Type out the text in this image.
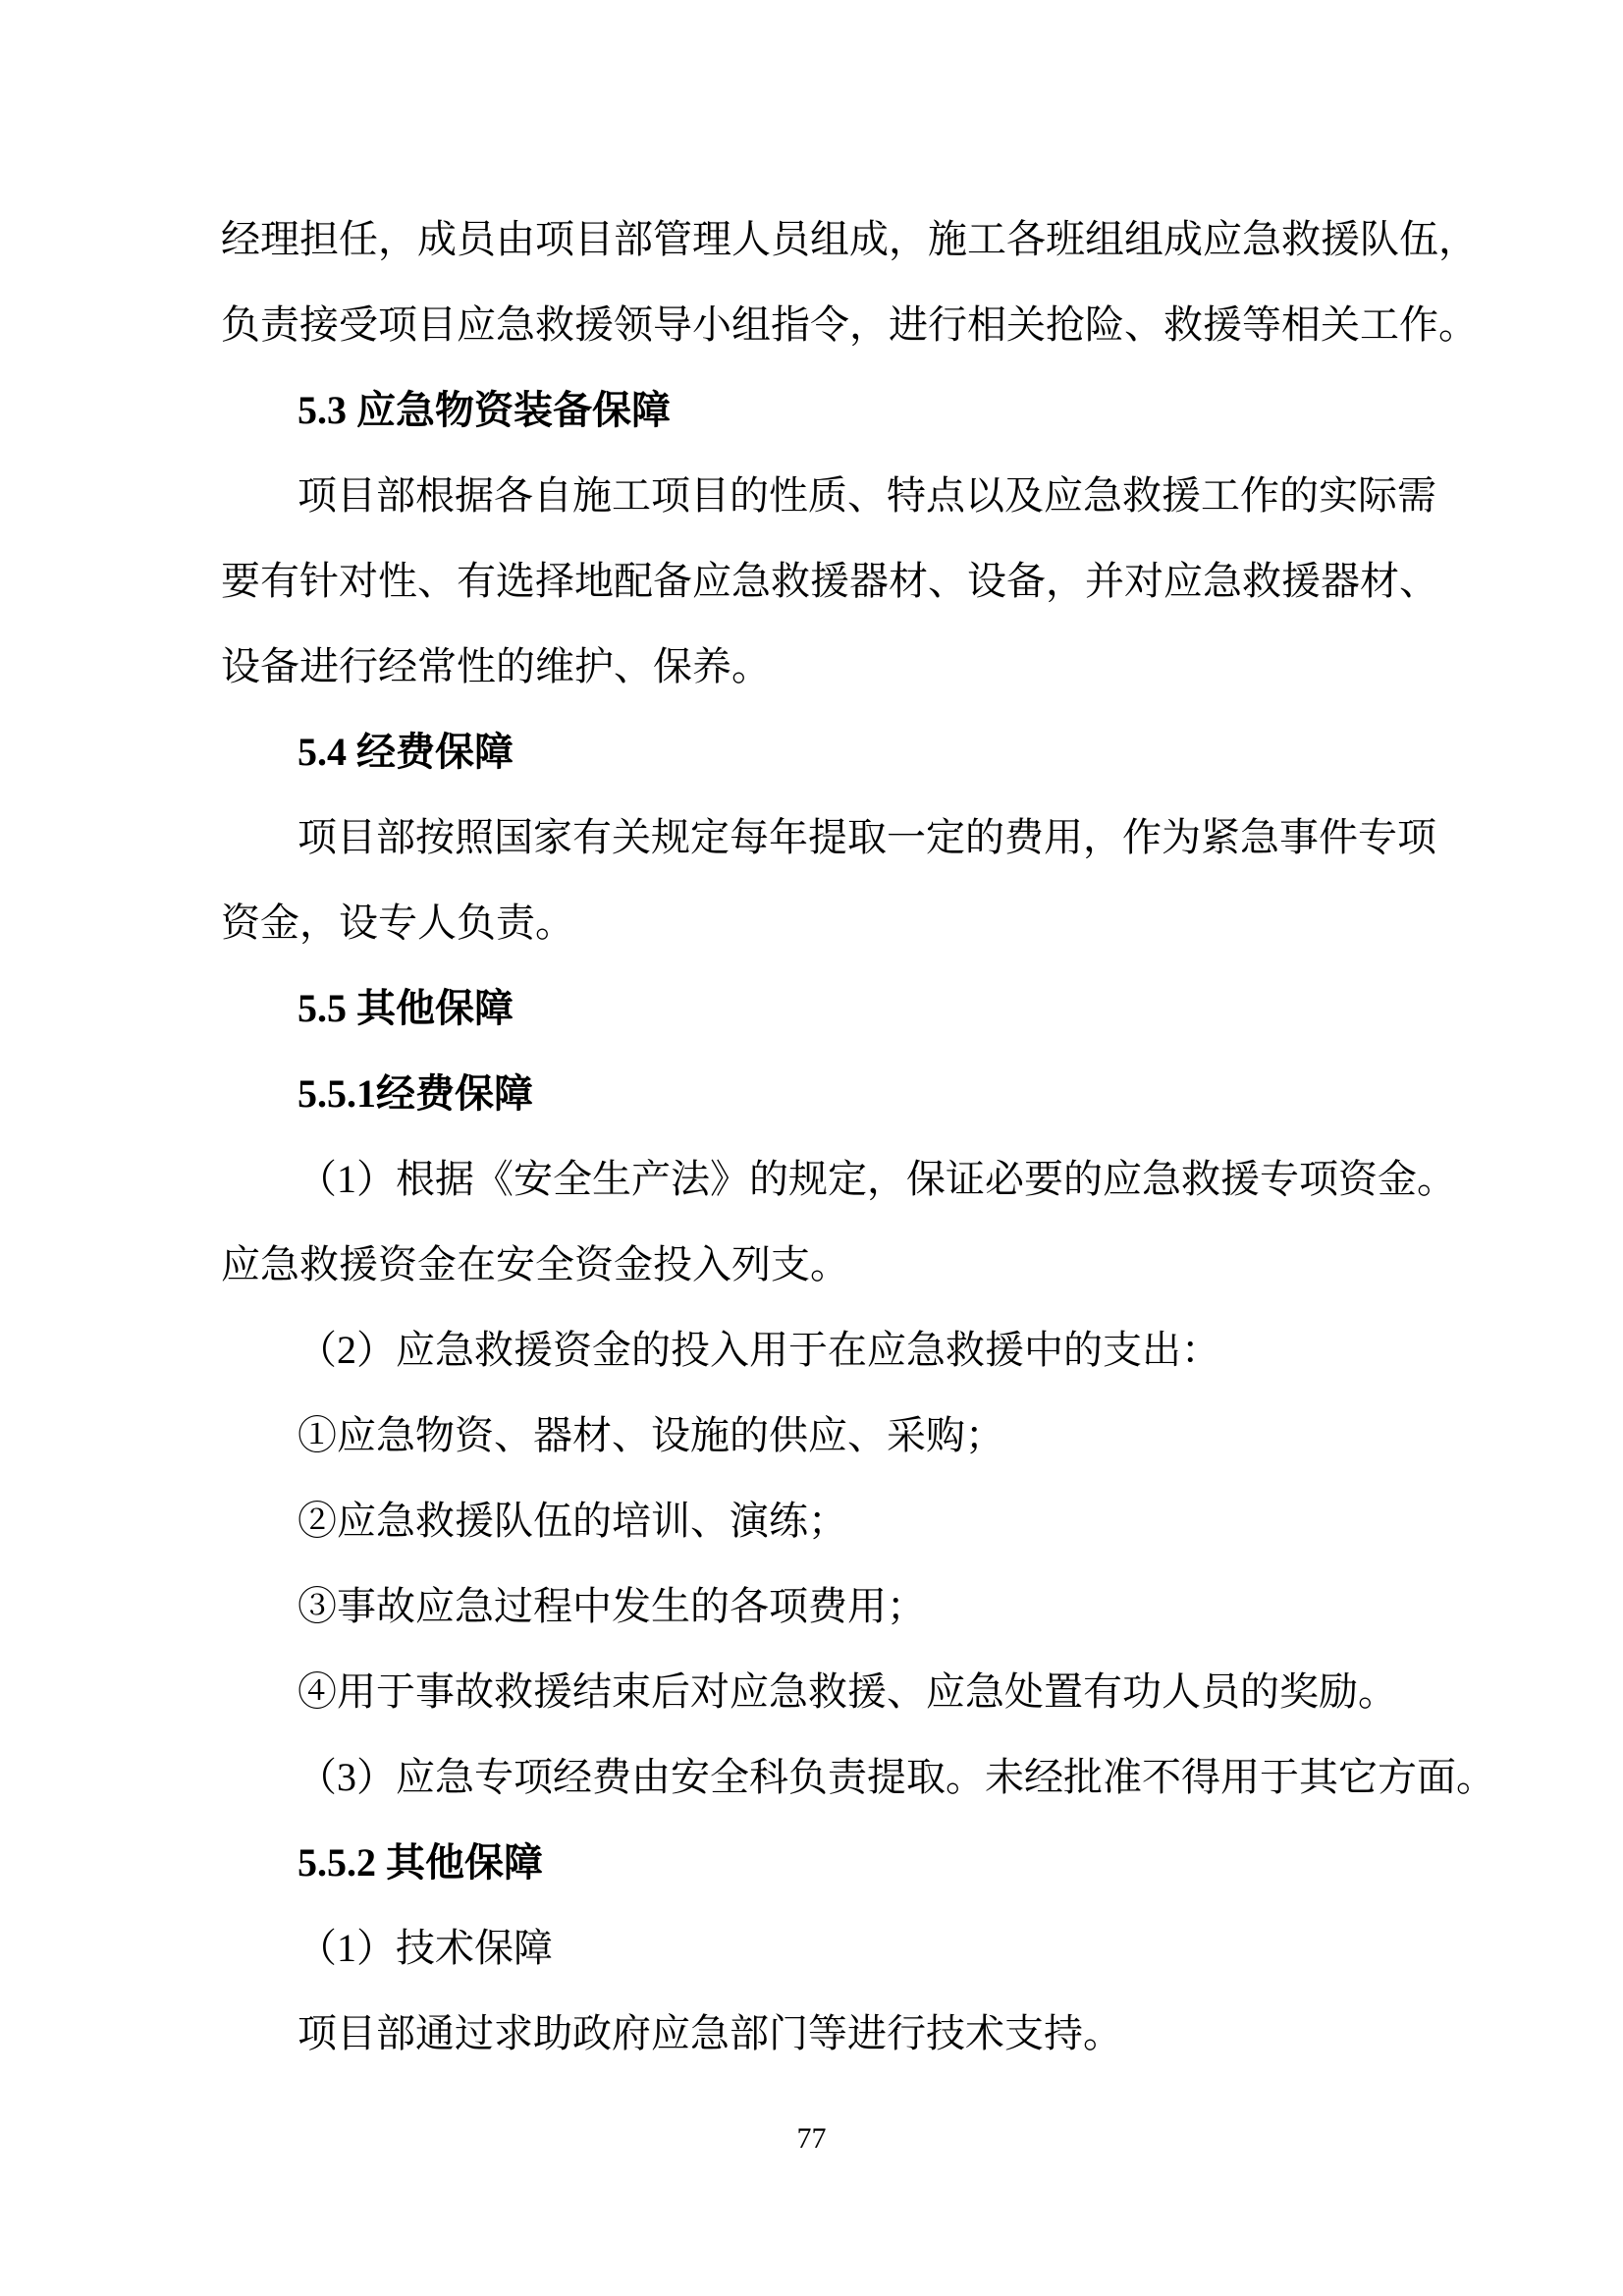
经理担任，成员由项目部管理人员组成，施工各班组组成应急救援队伍，
负责接受项目应急救援领导小组指令，进行相关抢险、救援等相关工作。
5.3 应急物资装备保障
项目部根据各自施工项目的性质、特点以及应急救援工作的实际需
要有针对性、有选择地配备应急救援器材、设备，并对应急救援器材、
设备进行经常性的维护、保养。
5.4 经费保障
项目部按照国家有关规定每年提取一定的费用，作为紧急事件专项
资金，设专人负责。
5.5 其他保障
5.5.1经费保障
（1）根据《安全生产法》的规定，保证必要的应急救援专项资金。
应急救援资金在安全资金投入列支。
（2）应急救援资金的投入用于在应急救援中的支出：
①应急物资、器材、设施的供应、采购；
②应急救援队伍的培训、演练；
③事故应急过程中发生的各项费用；
④用于事故救援结束后对应急救援、应急处置有功人员的奖励。
（3）应急专项经费由安全科负责提取。未经批准不得用于其它方面。
5.5.2 其他保障
（1）技术保障
项目部通过求助政府应急部门等进行技术支持。
77
